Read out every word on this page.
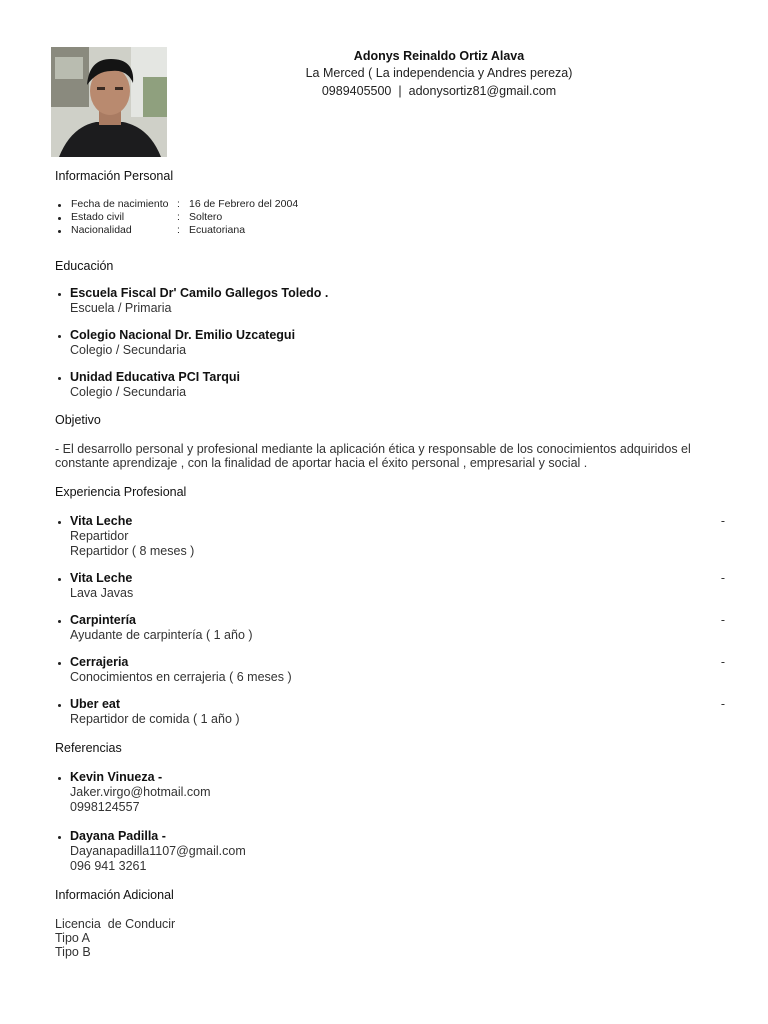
Adonys Reinaldo Ortiz Alava
La Merced ( La independencia y Andres pereza)
0989405500 | adonysortiz81@gmail.com
Información Personal
Fecha de nacimiento : 16 de Febrero del 2004
Estado civil	: Soltero
Nacionalidad	: Ecuatoriana
Educación
Escuela Fiscal Dr' Camilo Gallegos Toledo .
Escuela / Primaria
Colegio Nacional Dr. Emilio Uzcategui
Colegio / Secundaria
Unidad Educativa PCI Tarqui
Colegio / Secundaria
Objetivo

- El desarrollo personal y profesional mediante la aplicación ética y responsable de los conocimientos adquiridos el constante aprendizaje , con la finalidad de aportar hacia el éxito personal , empresarial y social .

Experiencia Profesional
Vita Leche	-
Repartidor
Repartidor ( 8 meses )
Vita Leche	-
Lava Javas
Carpintería	-
Ayudante de carpintería ( 1 año )
Cerrajeria	-
Conocimientos en cerrajeria ( 6 meses )
Uber eat	-
Repartidor de comida ( 1 año )
Referencias
Kevin Vinueza -
Jaker.virgo@hotmail.com
0998124557
Dayana Padilla -
Dayanapadilla1107@gmail.com
096 941 3261
Información Adicional
Licencia  de Conducir
Tipo A
Tipo B
